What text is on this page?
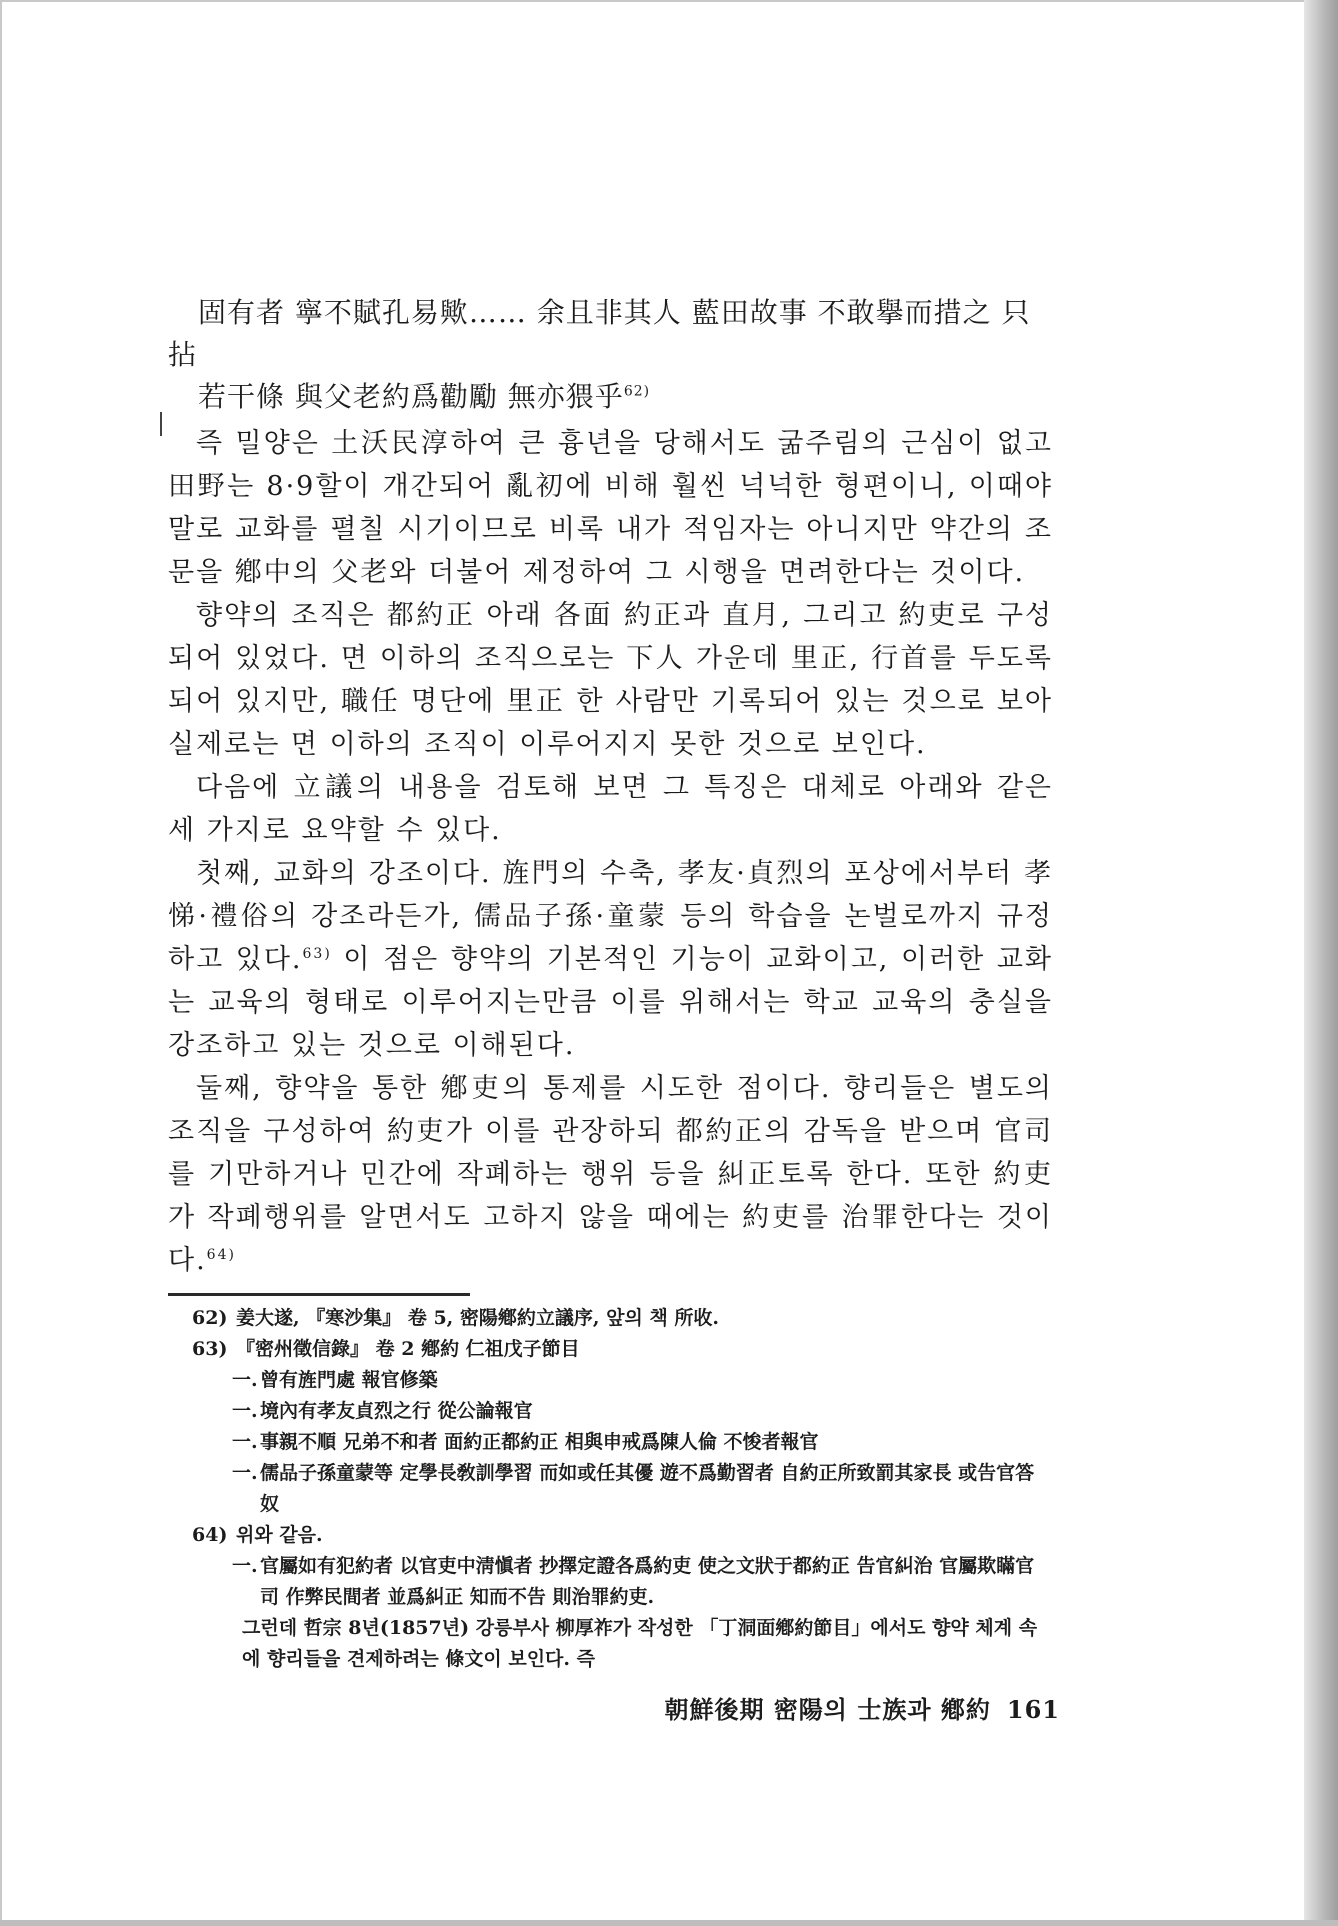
固有者 寧不賦孔易歟…… 余且非其人 藍田故事 不敢擧而措之 只拈

若干條 與父老約爲勸勵 無亦猥乎$^{62)}$

즉 밀양은 土沃民淳하여 큰 흉년을 당해서도 굶주림의 근심이 없고 田野는 8·9할이 개간되어 亂初에 비해 훨씬 넉넉한 형편이니, 이때야말로 교화를 펼칠 시기이므로 비록 내가 적임자는 아니지만 약간의 조문을 鄕中의 父老와 더불어 제정하여 그 시행을 면려한다는 것이다.

향약의 조직은 都約正 아래 各面 約正과 直月, 그리고 約吏로 구성되어 있었다. 면 이하의 조직으로는 下人 가운데 里正, 行首를 두도록 되어 있지만, 職任 명단에 里正 한 사람만 기록되어 있는 것으로 보아 실제로는 면 이하의 조직이 이루어지지 못한 것으로 보인다.

다음에 立議의 내용을 검토해 보면 그 특징은 대체로 아래와 같은 세 가지로 요약할 수 있다.

첫째, 교화의 강조이다. 旌門의 수축, 孝友·貞烈의 포상에서부터 孝悌·禮俗의 강조라든가, 儒品子孫·童蒙 등의 학습을 논벌로까지 규정하고 있다.$^{63)}$ 이 점은 향약의 기본적인 기능이 교화이고, 이러한 교화는 교육의 형태로 이루어지는만큼 이를 위해서는 학교 교육의 충실을 강조하고 있는 것으로 이해된다.

둘째, 향약을 통한 鄕吏의 통제를 시도한 점이다. 향리들은 별도의 조직을 구성하여 約吏가 이를 관장하되 都約正의 감독을 받으며 官司를 기만하거나 민간에 작폐하는 행위 등을 糾正토록 한다. 또한 約吏가 작폐행위를 알면서도 고하지 않을 때에는 約吏를 治罪한다는 것이다.$^{64)}$

62) 姜大遂, 『寒沙集』 卷 5, 密陽鄕約立議序, 앞의 책 所收.

63) 『密州徵信錄』 卷 2 鄕約 仁祖戊子節目

一. 曾有旌門處 報官修築
一. 境內有孝友貞烈之行 從公論報官
一. 事親不順 兄弟不和者 面約正都約正 相與申戒爲陳人倫 不悛者報官
一. 儒品子孫童蒙等 定學長敎訓學習 而如或任其優 遊不爲勤習者 自約正所致罰其家長 或告官答奴

64) 위와 같음.

一. 官屬如有犯約者 以官吏中淸愼者 抄擇定證各爲約吏 使之文狀于都約正 告官糾治 官屬欺瞞官司 作弊民間者 並爲糾正 知而不告 則治罪約吏.

그런데 哲宗 8년(1857년) 강릉부사 柳厚祚가 작성한 「丁洞面鄕約節目」에서도 향약 체계 속에 향리들을 견제하려는 條文이 보인다. 즉

朝鮮後期 密陽의 士族과 鄕約 161
